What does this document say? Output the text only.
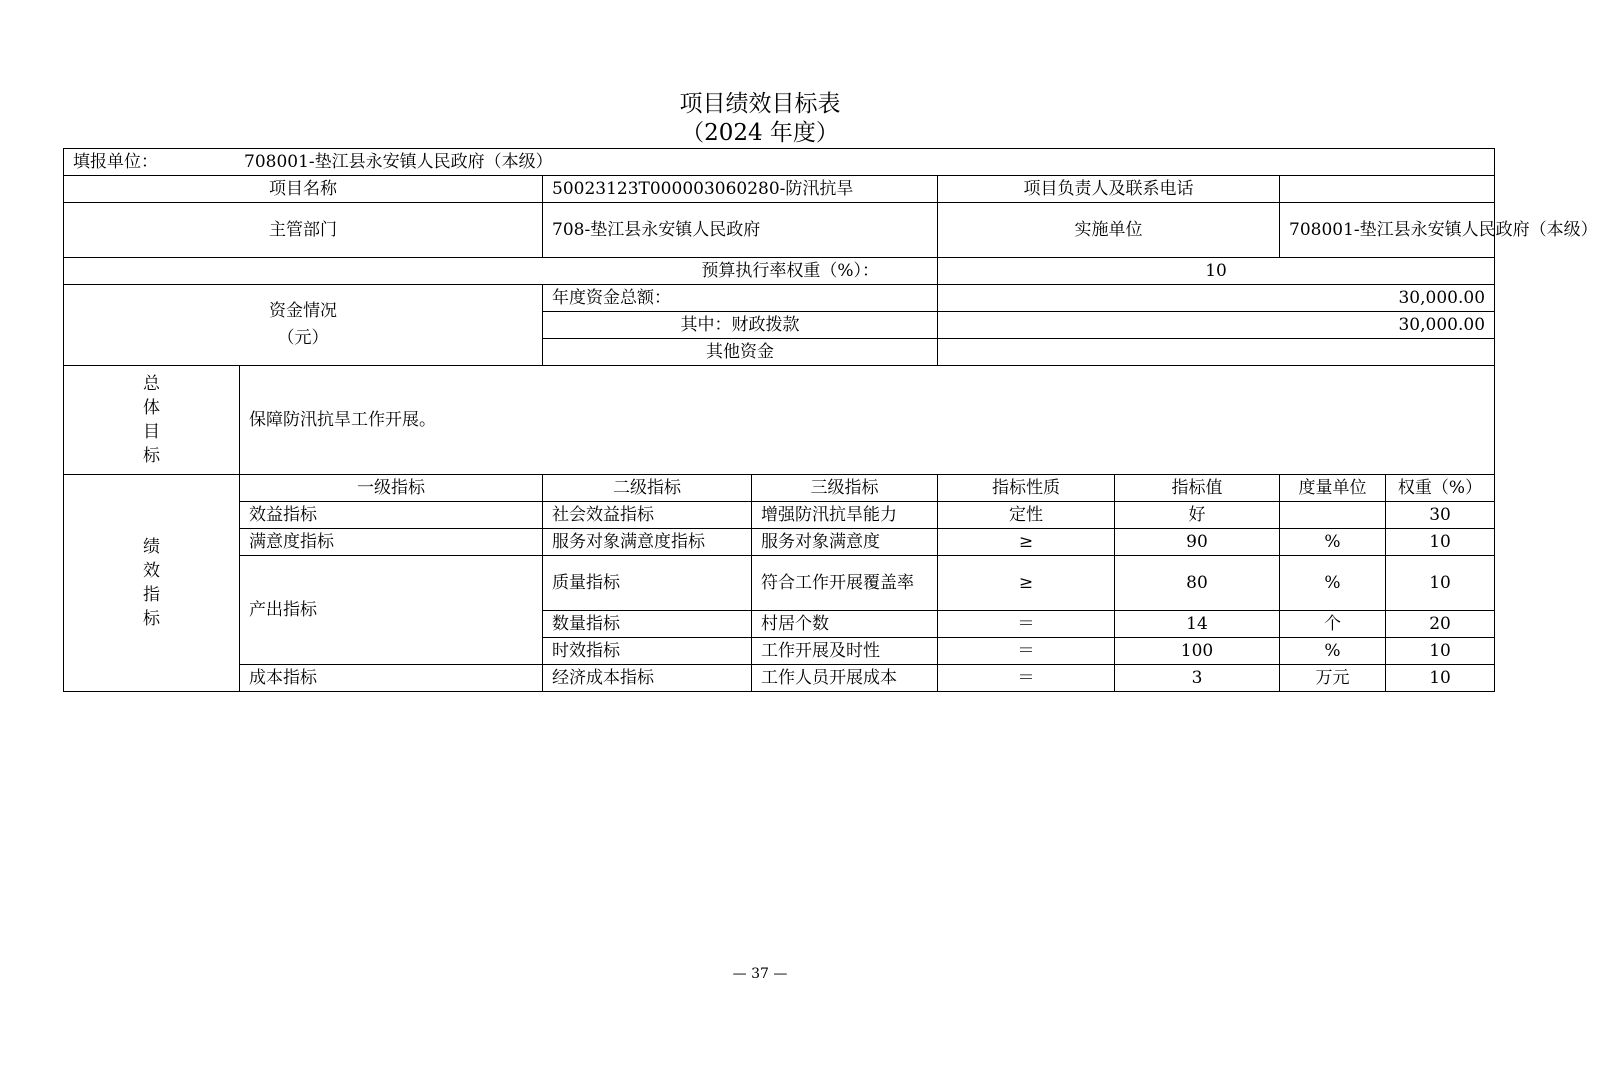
项目绩效目标表
（2024 年度）
填报单位： 708001-垫江县永安镇人民政府（本级）							
项目名称		50023123T000003060280-防汛抗旱		项目负责人及联系电话			
主管部门		708-垫江县永安镇人民政府		实施单位		708001-垫江县永安镇人民政府（本级）	
预算执行率权重（%）：				10			

资金情况
（元）		年度资金总额：		30,000.00			
		其中：财政拨款		30,000.00			
		其他资金					

总
体
目
标	保障防汛抗旱工作开展。						

绩
效
指
标	一级指标	二级指标	三级指标	指标性质	指标值	度量单位	权重（%）
	效益指标	社会效益指标	增强防汛抗旱能力	定性	好		30
	满意度指标	服务对象满意度指标	服务对象满意度	≥	90	%	10
	产出指标	质量指标	符合工作开展覆盖率	≥	80	%	10
		数量指标	村居个数	＝	14	个	20
		时效指标	工作开展及时性	＝	100	%	10
	成本指标	经济成本指标	工作人员开展成本	＝	3	万元	10
— 37 —
